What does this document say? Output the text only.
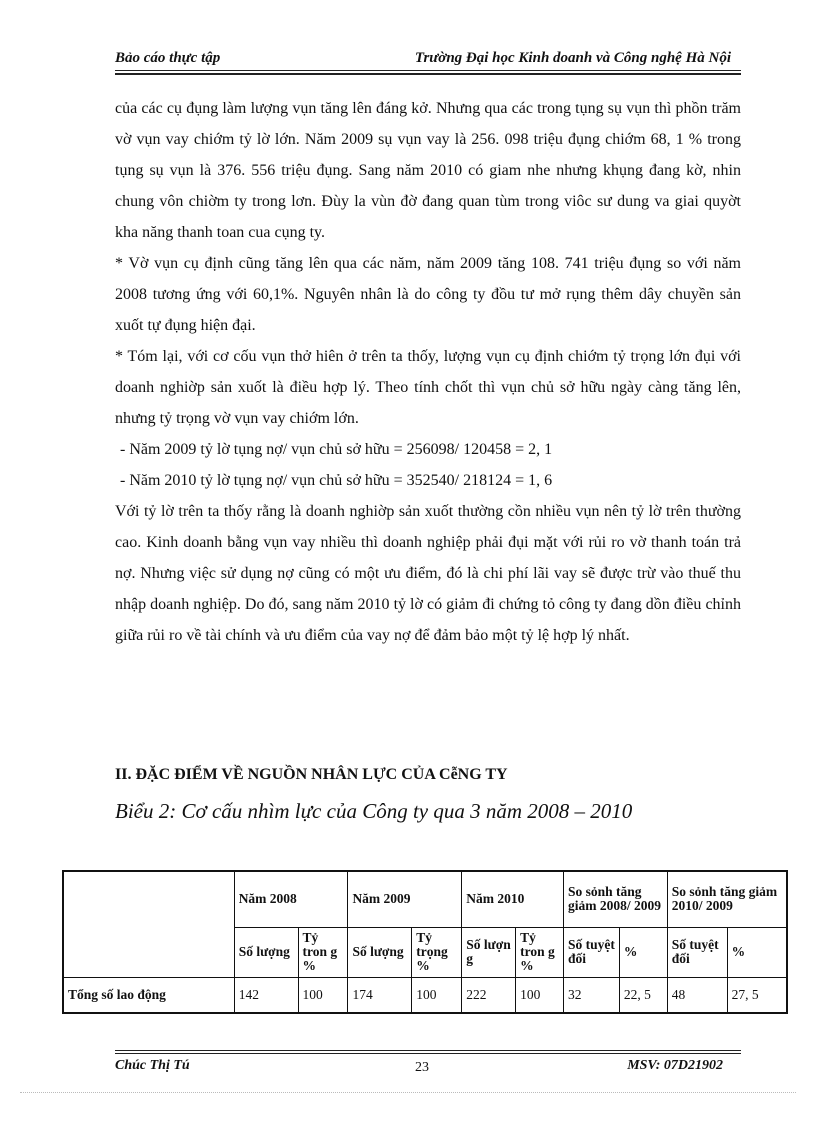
Bảo cáo thực tập	Trường Đại học Kinh doanh và Công nghệ Hà Nội

của các cụ đụng làm lượng vụn tăng lên đáng kở. Nhưng qua các trong tụng sụ vụn thì phồn trăm vờ vụn vay chiớm tỷ lờ lớn. Năm 2009 sụ vụn vay là 256. 098 triệu đụng chiớm 68, 1 % trong tụng sụ vụn là 376. 556 triệu đụng. Sang năm 2010 có giam nhe nhưng khụng đang kờ, nhin chung vôn chiờm ty trong lơn. Đùy la vùn đờ đang quan tùm trong viôc sư dung va giai quyờt kha năng thanh toan cua cụng ty.

* Vờ vụn cụ định cũng tăng lên qua các năm, năm 2009 tăng 108. 741 triệu đụng so với năm 2008 tương ứng với 60,1%. Nguyên nhân là do công ty đồu tư mở rụng thêm dây chuyền sản xuốt tự đụng hiện đại.

* Tóm lại, với cơ cốu vụn thở hiên ở trên ta thốy, lượng vụn cụ định chiớm tỷ trọng lớn đụi với doanh nghiờp sản xuốt là điều hợp lý. Theo tính chốt thì vụn chủ sở hữu ngày càng tăng lên, nhưng tỷ trọng vờ vụn vay chiớm lớn.

- Năm 2009 tỷ lờ tụng nợ/ vụn chủ sở hữu = 256098/ 120458 = 2, 1

- Năm 2010 tỷ lờ tụng nợ/ vụn chủ sở hữu = 352540/ 218124 = 1, 6

Với tỷ lờ trên ta thốy rằng là doanh nghiờp sản xuốt thường cồn nhiều vụn nên tỷ lờ trên thường cao. Kinh doanh bằng vụn vay nhiều thì doanh nghiệp phải đụi mặt với rủi ro vờ thanh toán trả nợ. Nhưng việc sử dụng nợ cũng có một ưu điểm, đó là chi phí lãi vay sẽ được trừ vào thuế thu nhập doanh nghiệp. Do đó, sang năm 2010 tỷ lờ có giảm đi chứng tỏ công ty đang dồn điều chỉnh giữa rủi ro về tài chính và ưu điểm của vay nợ để đảm bảo một tỷ lệ hợp lý nhất.

II. ĐẶC ĐIỂM VỀ NGUỒN NHÂN LỰC CỦA CễNG TY
Biểu 2: Cơ cấu nhìm lực của Công ty qua 3 năm 2008 – 2010
	Năm 2008		Năm 2009		Năm 2010		So sỏnh tăng giảm 2008/ 2009		So sỏnh tăng giảm 2010/ 2009	
	Số lượng	Tỷ tron g %	Số lượng	Tỷ trọng %	Số lượn g	Tỷ tron g %	Số tuyệt đối	%	Số tuyệt đối	%
Tổng số lao động	142	100	174	100	222	100	32	22, 5	48	27, 5
Chúc Thị Tú	23	MSV: 07D21902
